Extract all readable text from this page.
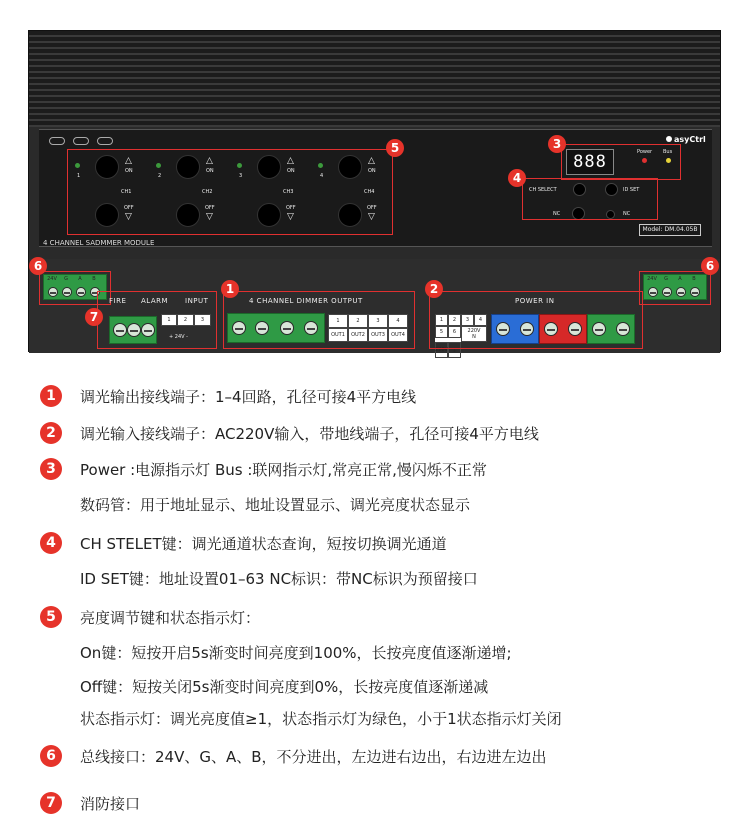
asyCtrl
1
△
ON
CH1
OFF
▽
2
△
ON
CH2
OFF
▽
3
△
ON
CH3
OFF
▽
4
△
ON
CH4
OFF
▽
888	Power Bus
CH SELECT	ID SET
NC	NC
Model: DM.04.05B
4 CHANNEL SADMMER MODULE
5	3
4
24V	G	A	B
6
24V	G	A	B
6
FIRE ALARM INPUT
1	2	3
+ 24V -
7
4 CHANNEL DIMMER OUTPUT
1	2	3	4
OUT1	OUT2	OUT3	OUT4
1
POWER IN
1	2	3	4
5	6	220V
N
220V ⏚
2
1	调光输出接线端子：1–4回路，孔径可接4平方电线
2	调光输入接线端子：AC220V输入，带地线端子，孔径可接4平方电线
3	Power :电源指示灯 Bus :联网指示灯,常亮正常,慢闪烁不正常
数码管：用于地址显示、地址设置显示、调光亮度状态显示
4	CH STELET键：调光通道状态查询，短按切换调光通道
ID SET键：地址设置01–63 NC标识：带NC标识为预留接口
5	亮度调节键和状态指示灯：
On键：短按开启5s渐变时间亮度到100%，长按亮度值逐渐递增;
Off键：短按关闭5s渐变时间亮度到0%，长按亮度值逐渐递减
状态指示灯：调光亮度值≥1，状态指示灯为绿色，小于1状态指示灯关闭
6	总线接口：24V、G、A、B，不分进出，左边进右边出，右边进左边出
7	消防接口
